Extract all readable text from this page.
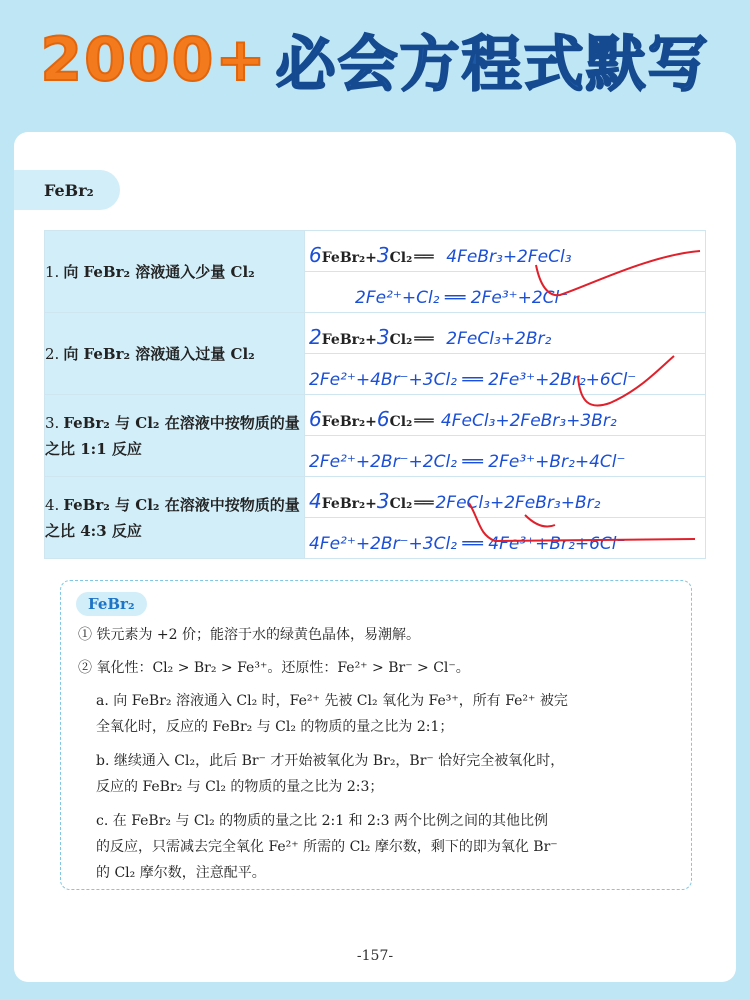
2000+ 必会方程式默写
FeBr₂
1. 向 FeBr₂ 溶液通入少量 Cl₂	6FeBr₂+3Cl₂ ══ 4FeBr₃+2FeCl₃

	2Fe²⁺+Cl₂ ══ 2Fe³⁺+2Cl⁻

2. 向 FeBr₂ 溶液通入过量 Cl₂	2FeBr₂+3Cl₂ ══ 2FeCl₃+2Br₂

	2Fe²⁺+4Br⁻+3Cl₂ ══ 2Fe³⁺+2Br₂+6Cl⁻

3. FeBr₂ 与 Cl₂ 在溶液中按物质的量之比 1:1 反应	6FeBr₂+6Cl₂ ══ 4FeCl₃+2FeBr₃+3Br₂

	2Fe²⁺+2Br⁻+2Cl₂ ══ 2Fe³⁺+Br₂+4Cl⁻

4. FeBr₂ 与 Cl₂ 在溶液中按物质的量之比 4:3 反应	4FeBr₂+3Cl₂ ══ 2FeCl₃+2FeBr₃+Br₂

	4Fe²⁺+2Br⁻+3Cl₂ ══ 4Fe³⁺+Br₂+6Cl⁻
FeBr₂
① 铁元素为 +2 价；能溶于水的绿黄色晶体，易潮解。
② 氧化性：Cl₂ > Br₂ > Fe³⁺。还原性：Fe²⁺ > Br⁻ > Cl⁻。
a. 向 FeBr₂ 溶液通入 Cl₂ 时，Fe²⁺ 先被 Cl₂ 氧化为 Fe³⁺，所有 Fe²⁺ 被完
全氧化时，反应的 FeBr₂ 与 Cl₂ 的物质的量之比为 2:1；
b. 继续通入 Cl₂，此后 Br⁻ 才开始被氧化为 Br₂，Br⁻ 恰好完全被氧化时，
反应的 FeBr₂ 与 Cl₂ 的物质的量之比为 2:3；
c. 在 FeBr₂ 与 Cl₂ 的物质的量之比 2:1 和 2:3 两个比例之间的其他比例
的反应，只需减去完全氧化 Fe²⁺ 所需的 Cl₂ 摩尔数，剩下的即为氧化 Br⁻
的 Cl₂ 摩尔数，注意配平。
-157-
